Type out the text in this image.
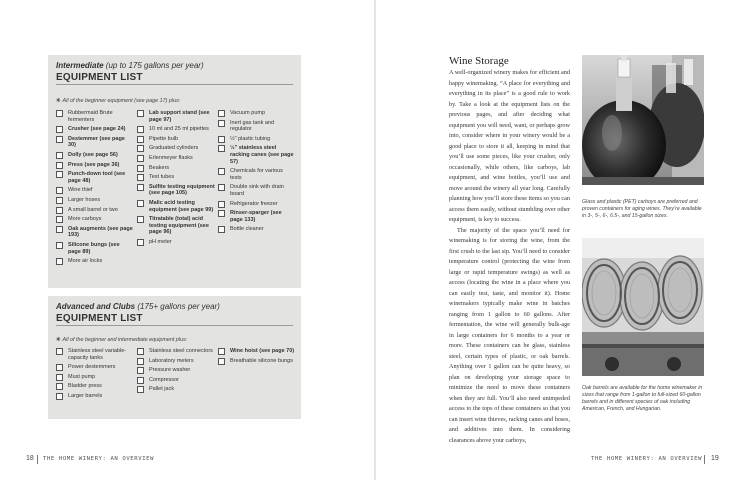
Intermediate (up to 175 gallons per year)
EQUIPMENT LIST
✳ All of the beginner equipment (see page 17) plus:
Rubbermaid Brute fermenters
Crusher (see page 24)
Destemmer (see page 30)
Dolly (see page 56)
Press (see page 36)
Punch-down tool (see page 48)
Wine thief
Larger hoses
A small barrel or two
More carboys
Oak augments (see page 193)
Silicone bungs (see page 89)
More air locks
Lab support stand (see page 97)
10 ml and 25 ml pipettes
Pipette bulb
Graduated cylinders
Erlenmeyer flasks
Beakers
Test tubes
Sulfite testing equipment (see page 105)
Malic acid testing equipment (see page 99)
Titratable (total) acid testing equipment (see page 96)
pH meter
Vacuum pump
Inert gas tank and regulator
½" plastic tubing
½" stainless steel racking canes (see page 57)
Chemicals for various tests
Double sink with drain board
Refrigerator freezer
Rinser-sparger (see page 133)
Bottle cleaner
Advanced and Clubs (175+ gallons per year)
EQUIPMENT LIST
✳ All of the beginner and intermediate equipment plus:
Stainless steel variable-capacity tanks
Power destemmers
Must pump
Bladder press
Larger barrels
Stainless steel connectors
Laboratory meters
Pressure washer
Compressor
Pallet jack
Wine hoist (see page 70)
Breathable silicone bungs
18 THE HOME WINERY: AN OVERVIEW
Wine Storage

A well-organized winery makes for efficient and happy winemaking. “A place for everything and everything in its place” is a good rule to work by. Take a look at the equipment lists on the previous pages, and after deciding what equipment you will need, want, or perhaps grow into, consider where in your winery would be a good place to store it all, keeping in mind that you’ll use some pieces, like your crusher, only occasionally, while others, like carboys, lab equipment, and wine bottles, you’ll use and move around the winery all year long. Carefully planning how you’ll store these items so you can access them easily, without stumbling over other equipment, is key to success.

The majority of the space you’ll need for winemaking is for storing the wine, from the first crush to the last sip. You’ll need to consider temperature control (protecting the wine from large or rapid temperature swings) as well as access (locating the wine in a place where you can easily test, taste, and monitor it). Home winemakers typically make wine in batches ranging from 1 gallon to 60 gallons. After fermentation, the wine will generally bulk-age in large containers for 6 months to a year or more. These containers can be glass, stainless steel, certain types of plastic, or oak barrels. Anything over 1 gallon can be quite heavy, so plan on developing your storage space to minimize the need to move these containers when they are full. You’ll also need unimpeded access to the tops of these containers so that you can insert wine thieves, racking canes and hoses, and additives into them. In considering clearances above your carboys,

Glass and plastic (PET) carboys are preferred and proven containers for aging wines. They’re available in 3-, 5-, 6-, 6.5-, and 15-gallon sizes.
Oak barrels are available for the home winemaker in sizes that range from 1-gallon to full-sized 60-gallon barrels and in different species of oak including American, French, and Hungarian.
THE HOME WINERY: AN OVERVIEW 19
